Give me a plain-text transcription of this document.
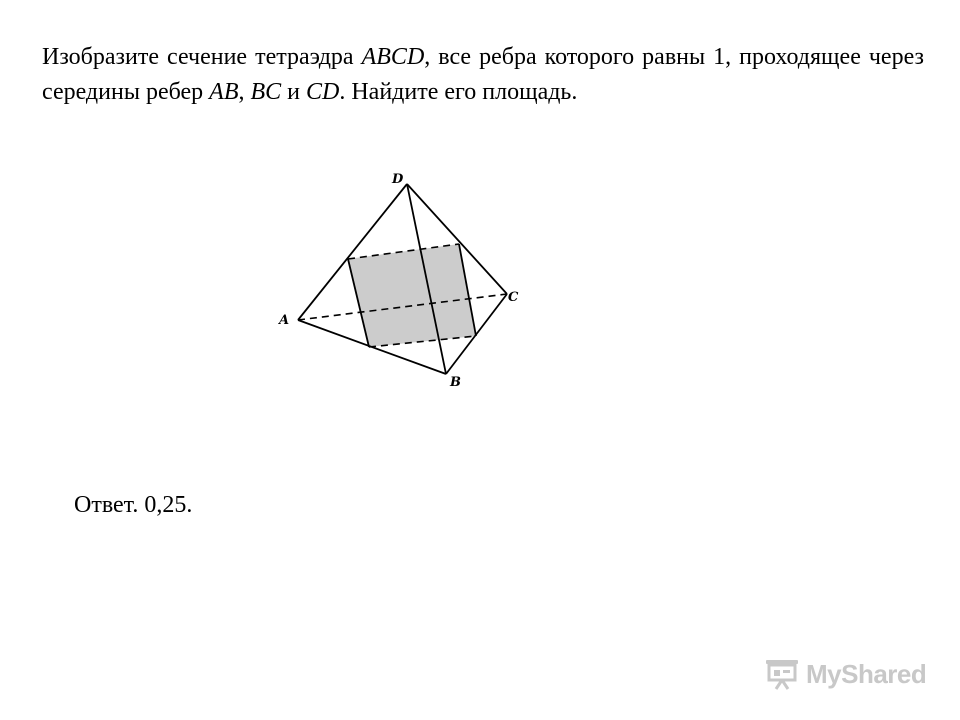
Изобразите сечение тетраэдра ABCD, все ребра которого равны 1, проходящее через середины ребер AB, BC и CD. Найдите его площадь.

D
A
B
C
Ответ. 0,25.
MyShared
